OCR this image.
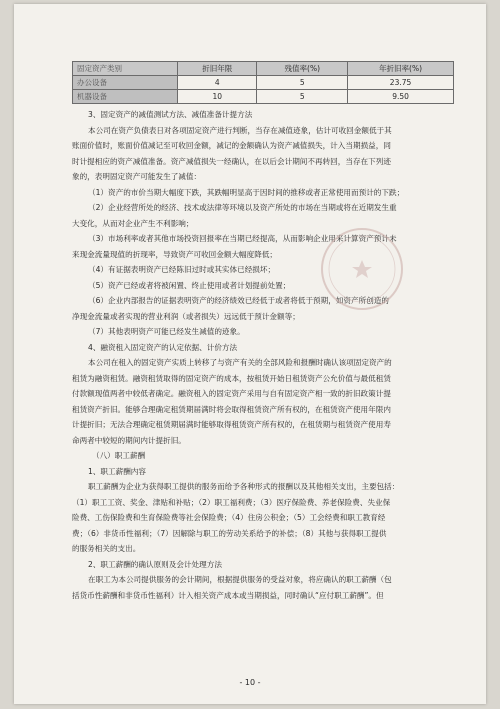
固定资产类别	折旧年限	残值率(%)	年折旧率(%)
办公设备	4	5	23.75
机器设备	10	5	9.50

3、固定资产的减值测试方法、减值准备计提方法

本公司在资产负债表日对各项固定资产进行判断，当存在减值迹象，估计可收回金额低于其

账面价值时，账面价值减记至可收回金额，减记的金额确认为资产减值损失，计入当期损益，同

时计提相应的资产减值准备。资产减值损失一经确认，在以后会计期间不再转回，当存在下列迹

象的，表明固定资产可能发生了减值：

（1）资产的市价当期大幅度下跌，其跌幅明显高于因时间的推移或者正常使用而预计的下跌；

（2）企业经营所处的经济、技术或法律等环境以及资产所处的市场在当期或将在近期发生重

大变化，从而对企业产生不利影响；

（3）市场利率或者其他市场投资回报率在当期已经提高，从而影响企业用来计算资产预计未

来现金流量现值的折现率，导致资产可收回金额大幅度降低；

（4）有证据表明资产已经陈旧过时或其实体已经损坏；

（5）资产已经或者将被闲置、终止使用或者计划提前处置；

（6）企业内部报告的证据表明资产的经济绩效已经低于或者将低于预期，如资产所创造的

净现金流量或者实现的营业利润（或者损失）远远低于预计金额等；

（7）其他表明资产可能已经发生减值的迹象。

4、融资租入固定资产的认定依据、计价方法

本公司在租入的固定资产实质上转移了与资产有关的全部风险和报酬时确认该项固定资产的

租赁为融资租赁。融资租赁取得的固定资产的成本，按租赁开始日租赁资产公允价值与最低租赁

付款额现值两者中较低者确定。融资租入的固定资产采用与自有固定资产相一致的折旧政策计提

租赁资产折旧。能够合理确定租赁期届满时将会取得租赁资产所有权的，在租赁资产使用年限内

计提折旧；无法合理确定租赁期届满时能够取得租赁资产所有权的，在租赁期与租赁资产使用寿

命两者中较短的期间内计提折旧。

（八）职工薪酬

1、职工薪酬内容

职工薪酬为企业为获得职工提供的服务而给予各种形式的报酬以及其他相关支出，主要包括：

（1）职工工资、奖金、津贴和补贴；（2）职工福利费；（3）医疗保险费、养老保险费、失业保

险费、工伤保险费和生育保险费等社会保险费；（4）住房公积金；（5）工会经费和职工教育经

费；（6）非货币性福利；（7）因解除与职工的劳动关系给予的补偿；（8）其他与获得职工提供

的服务相关的支出。

2、职工薪酬的确认原则及会计处理方法

在职工为本公司提供服务的会计期间，根据提供服务的受益对象，将应确认的职工薪酬（包

括货币性薪酬和非货币性福利）计入相关资产成本或当期损益，同时确认“应付职工薪酬”。但

- 10 -
